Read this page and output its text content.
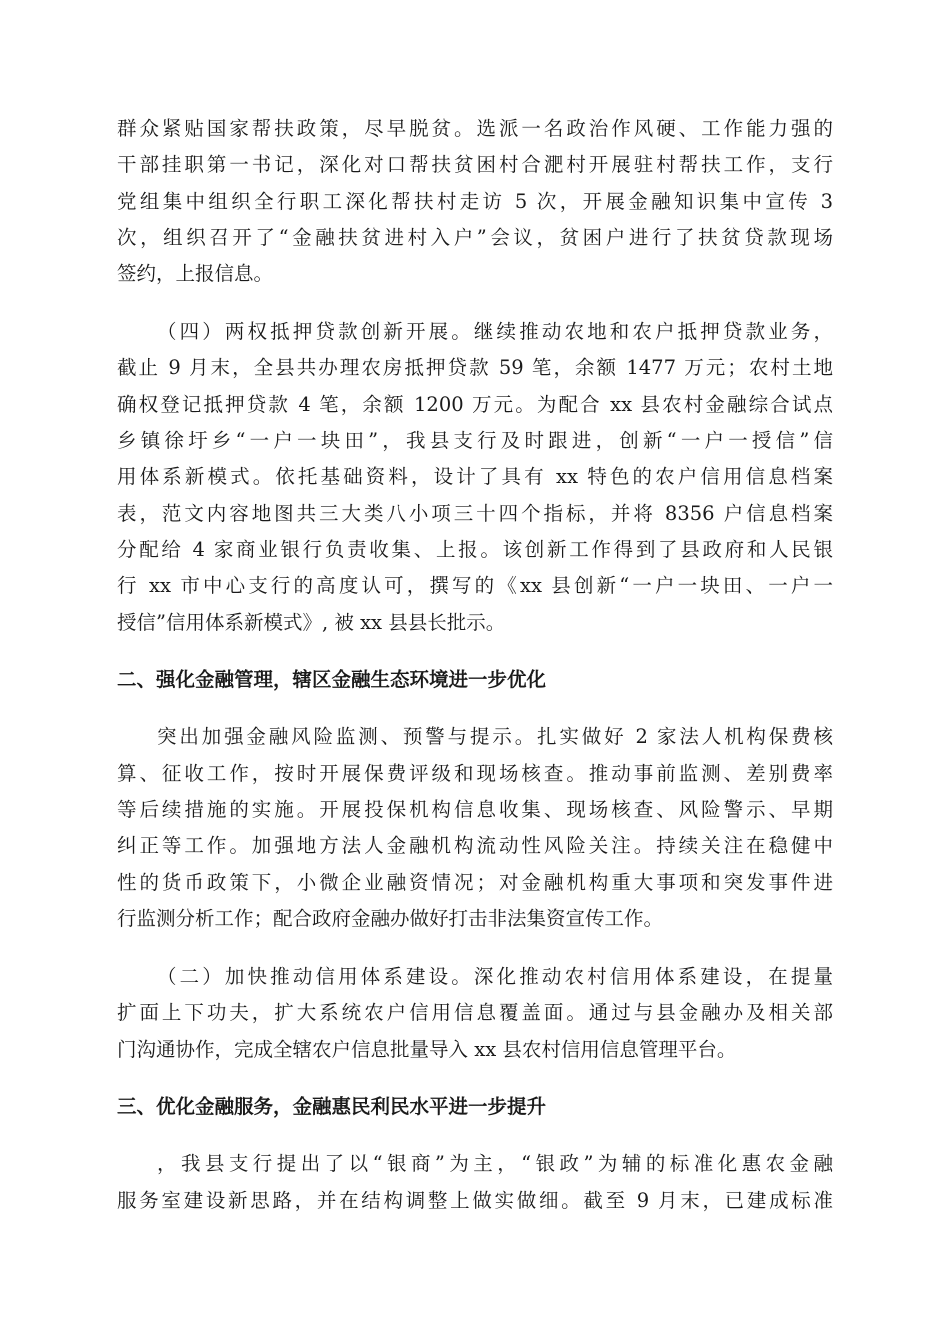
群众紧贴国家帮扶政策，尽早脱贫。选派一名政治作风硬、工作能力强的
干部挂职第一书记，深化对口帮扶贫困村合淝村开展驻村帮扶工作，支行
党组集中组织全行职工深化帮扶村走访 5 次，开展金融知识集中宣传 3
次，组织召开了“金融扶贫进村入户”会议，贫困户进行了扶贫贷款现场
签约，上报信息。
（四）两权抵押贷款创新开展。继续推动农地和农户抵押贷款业务，
截止 9 月末，全县共办理农房抵押贷款 59 笔，余额 1477 万元；农村土地
确权登记抵押贷款 4 笔，余额 1200 万元。为配合 xx 县农村金融综合试点
乡镇徐圩乡“一户一块田”，我县支行及时跟进，创新“一户一授信”信
用体系新模式。依托基础资料，设计了具有 xx 特色的农户信用信息档案
表，范文内容地图共三大类八小项三十四个指标，并将 8356 户信息档案
分配给 4 家商业银行负责收集、上报。该创新工作得到了县政府和人民银
行 xx 市中心支行的高度认可，撰写的《xx 县创新“一户一块田、一户一
授信”信用体系新模式》, 被 xx 县县长批示。
二、强化金融管理，辖区金融生态环境进一步优化
突出加强金融风险监测、预警与提示。扎实做好 2 家法人机构保费核
算、征收工作，按时开展保费评级和现场核查。推动事前监测、差别费率
等后续措施的实施。开展投保机构信息收集、现场核查、风险警示、早期
纠正等工作。加强地方法人金融机构流动性风险关注。持续关注在稳健中
性的货币政策下，小微企业融资情况；对金融机构重大事项和突发事件进
行监测分析工作；配合政府金融办做好打击非法集资宣传工作。
（二）加快推动信用体系建设。深化推动农村信用体系建设，在提量
扩面上下功夫，扩大系统农户信用信息覆盖面。通过与县金融办及相关部
门沟通协作，完成全辖农户信息批量导入 xx 县农村信用信息管理平台。
三、优化金融服务，金融惠民利民水平进一步提升
，我县支行提出了以“银商”为主，“银政”为辅的标准化惠农金融
服务室建设新思路，并在结构调整上做实做细。截至 9 月末，已建成标准
